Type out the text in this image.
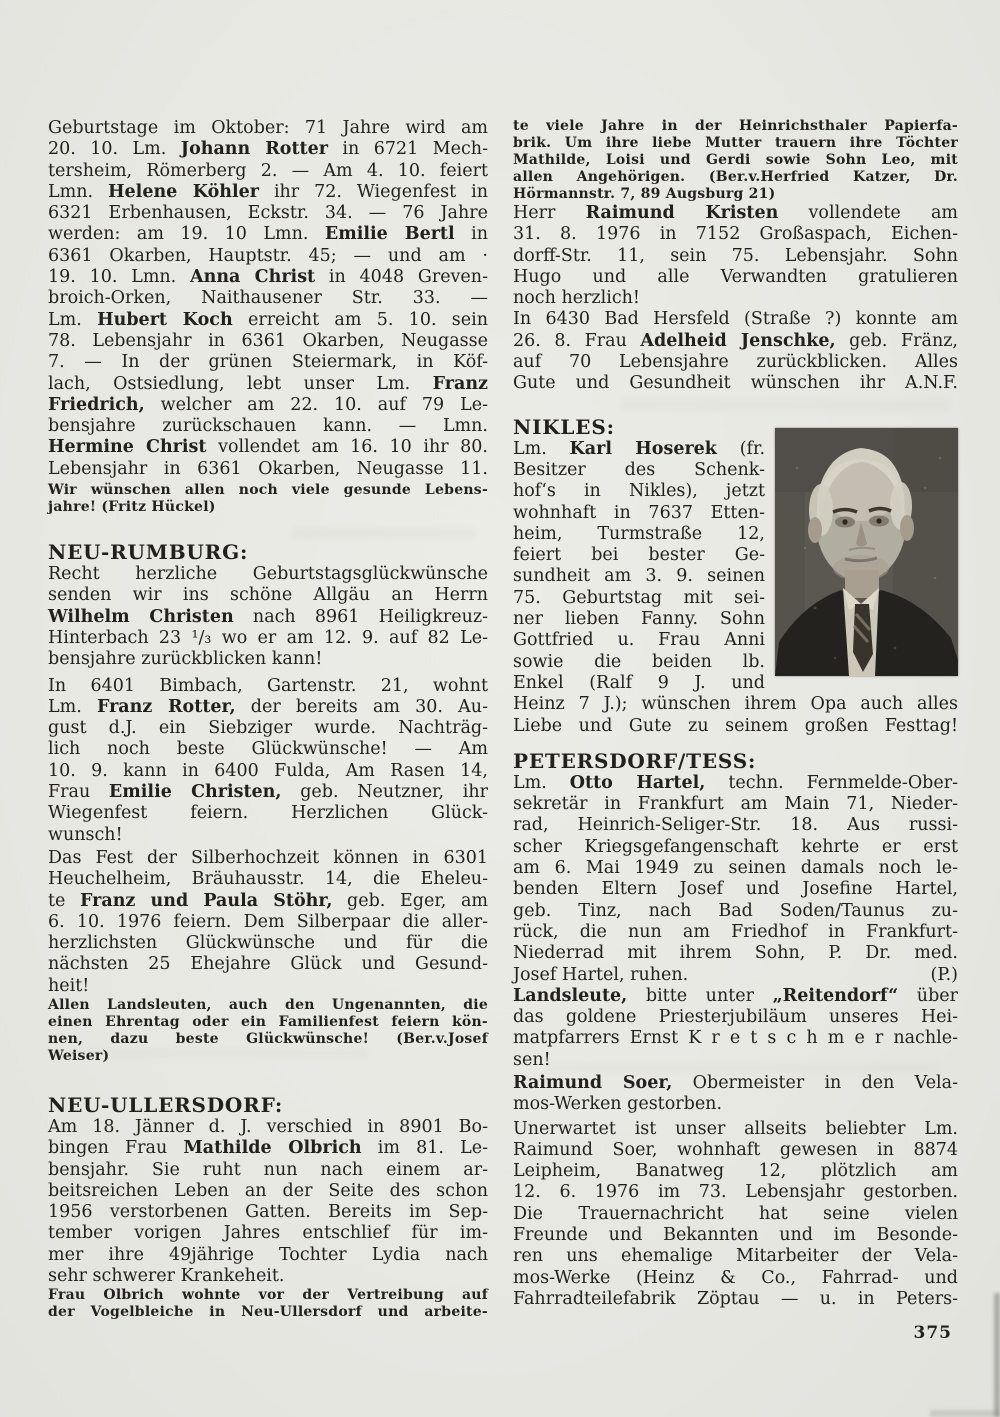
Geburtstage im Oktober: 71 Jahre wird am
20. 10. Lm. Johann Rotter in 6721 Mech-
tersheim, Römerberg 2. — Am 4. 10. feiert
Lmn. Helene Köhler ihr 72. Wiegenfest in
6321 Erbenhausen, Eckstr. 34. — 76 Jahre
werden: am 19. 10 Lmn. Emilie Bertl in
6361 Okarben, Hauptstr. 45; — und am ·
19. 10. Lmn. Anna Christ in 4048 Greven-
broich-Orken, Naithausener Str. 33. —
Lm. Hubert Koch erreicht am 5. 10. sein
78. Lebensjahr in 6361 Okarben, Neugasse
7. — In der grünen Steiermark, in Köf-
lach, Ostsiedlung, lebt unser Lm. Franz
Friedrich, welcher am 22. 10. auf 79 Le-
bensjahre zurückschauen kann. — Lmn.
Hermine Christ vollendet am 16. 10 ihr 80.
Lebensjahr in 6361 Okarben, Neugasse 11.
Wir wünschen allen noch viele gesunde Lebens-
jahre! (Fritz Hückel)
NEU-RUMBURG:
Recht herzliche Geburtstagsglückwünsche
senden wir ins schöne Allgäu an Herrn
Wilhelm Christen nach 8961 Heiligkreuz-
Hinterbach 23 ¹/₃ wo er am 12. 9. auf 82 Le-
bensjahre zurückblicken kann!
In 6401 Bimbach, Gartenstr. 21, wohnt
Lm. Franz Rotter, der bereits am 30. Au-
gust d.J. ein Siebziger wurde. Nachträg-
lich noch beste Glückwünsche! — Am
10. 9. kann in 6400 Fulda, Am Rasen 14,
Frau Emilie Christen, geb. Neutzner, ihr
Wiegenfest feiern. Herzlichen Glück-
wunsch!
Das Fest der Silberhochzeit können in 6301
Heuchelheim, Bräuhausstr. 14, die Eheleu-
te Franz und Paula Stöhr, geb. Eger, am
6. 10. 1976 feiern. Dem Silberpaar die aller-
herzlichsten Glückwünsche und für die
nächsten 25 Ehejahre Glück und Gesund-
heit!
Allen Landsleuten, auch den Ungenannten, die
einen Ehrentag oder ein Familienfest feiern kön-
nen, dazu beste Glückwünsche! (Ber.v.Josef
Weiser)
NEU-ULLERSDORF:
Am 18. Jänner d. J. verschied in 8901 Bo-
bingen Frau Mathilde Olbrich im 81. Le-
bensjahr. Sie ruht nun nach einem ar-
beitsreichen Leben an der Seite des schon
1956 verstorbenen Gatten. Bereits im Sep-
tember vorigen Jahres entschlief für im-
mer ihre 49jährige Tochter Lydia nach
sehr schwerer Krankeheit.
Frau Olbrich wohnte vor der Vertreibung auf
der Vogelbleiche in Neu-Ullersdorf und arbeite-
te viele Jahre in der Heinrichsthaler Papierfa-
brik. Um ihre liebe Mutter trauern ihre Töchter
Mathilde, Loisi und Gerdi sowie Sohn Leo, mit
allen Angehörigen. (Ber.v.Herfried Katzer, Dr.
Hörmannstr. 7, 89 Augsburg 21)
Herr Raimund Kristen vollendete am
31. 8. 1976 in 7152 Großaspach, Eichen-
dorff-Str. 11, sein 75. Lebensjahr. Sohn
Hugo und alle Verwandten gratulieren
noch herzlich!
In 6430 Bad Hersfeld (Straße ?) konnte am
26. 8. Frau Adelheid Jenschke, geb. Fränz,
auf 70 Lebensjahre zurückblicken. Alles
Gute und Gesundheit wünschen ihr A.N.F.
NIKLES:
Lm. Karl Hoserek (fr.
Besitzer des Schenk-
hof‘s in Nikles), jetzt
wohnhaft in 7637 Etten-
heim, Turmstraße 12,
feiert bei bester Ge-
sundheit am 3. 9. seinen
75. Geburtstag mit sei-
ner lieben Fanny. Sohn
Gottfried u. Frau Anni
sowie die beiden lb.
Enkel (Ralf 9 J. und
Heinz 7 J.); wünschen ihrem Opa auch alles
Liebe und Gute zu seinem großen Festtag!
PETERSDORF/TESS:
Lm. Otto Hartel, techn. Fernmelde-Ober-
sekretär in Frankfurt am Main 71, Nieder-
rad, Heinrich-Seliger-Str. 18. Aus russi-
scher Kriegsgefangenschaft kehrte er erst
am 6. Mai 1949 zu seinen damals noch le-
benden Eltern Josef und Josefine Hartel,
geb. Tinz, nach Bad Soden/Taunus zu-
rück, die nun am Friedhof in Frankfurt-
Niederrad mit ihrem Sohn, P. Dr. med.
Josef Hartel, ruhen.	(P.)
Landsleute, bitte unter „Reitendorf“ über
das goldene Priesterjubiläum unseres Hei-
matpfarrers Ernst K r e t s c h m e r nachle-
sen!
Raimund Soer, Obermeister in den Vela-
mos-Werken gestorben.
Unerwartet ist unser allseits beliebter Lm.
Raimund Soer, wohnhaft gewesen in 8874
Leipheim, Banatweg 12, plötzlich am
12. 6. 1976 im 73. Lebensjahr gestorben.
Die Trauernachricht hat seine vielen
Freunde und Bekannten und im Besonde-
ren uns ehemalige Mitarbeiter der Vela-
mos-Werke (Heinz & Co., Fahrrad- und
Fahrradteilefabrik Zöptau — u. in Peters-
375
